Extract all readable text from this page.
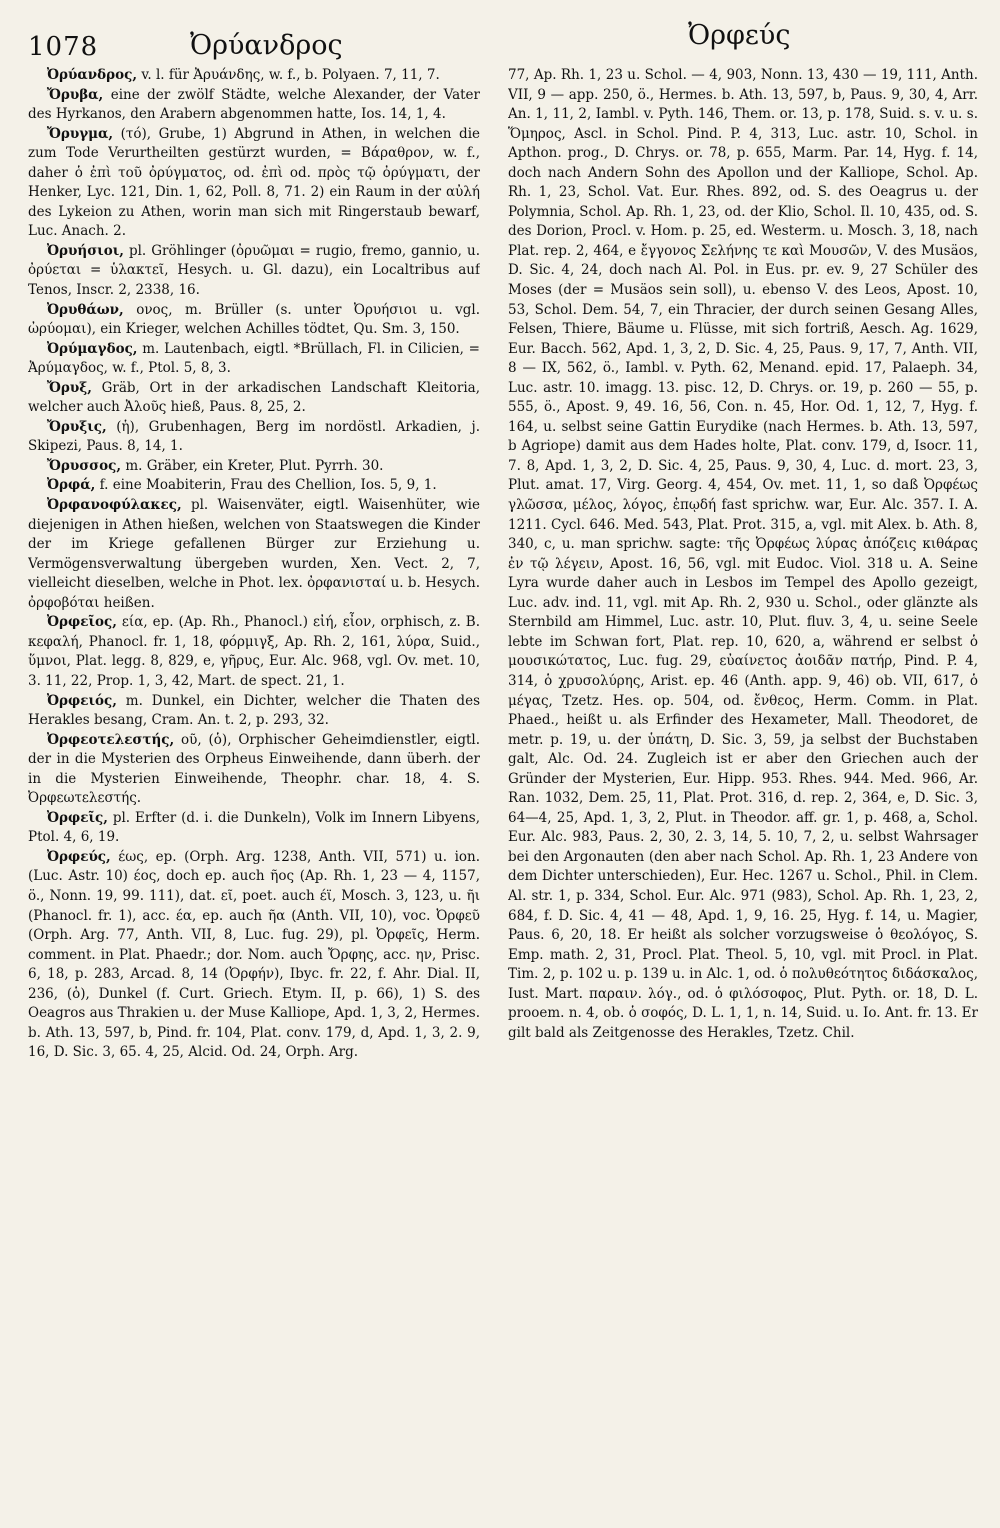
1078	Ὀρύανδρος	Ὀρφεύς

Ὀρύανδρος, v. l. für Ἀρυάνδης, w. f., b. Polyaen. 7, 11, 7.

Ὄρυβα, eine der zwölf Städte, welche Alexander, der Vater des Hyrkanos, den Arabern abgenommen hatte, Ios. 14, 1, 4.

Ὄρυγμα, (τό), Grube, 1) Abgrund in Athen, in welchen die zum Tode Verurtheilten gestürzt wurden, = Βάραθρον, w. f., daher ὁ ἐπὶ τοῦ ὀρύγματος, od. ἐπὶ od. πρὸς τῷ ὀρύγματι, der Henker, Lyc. 121, Din. 1, 62, Poll. 8, 71. 2) ein Raum in der αὐλή des Lykeion zu Athen, worin man sich mit Ringerstaub bewarf, Luc. Anach. 2.

Ὀρυήσιοι, pl. Gröhlinger (ὀρυῶμαι = rugio, fremo, gannio, u. ὀρύεται = ὑλακτεῖ, Hesych. u. Gl. dazu), ein Localtribus auf Tenos, Inscr. 2, 2338, 16.

Ὀρυθάων, ονος, m. Brüller (s. unter Ὀρυήσιοι u. vgl. ὠρύομαι), ein Krieger, welchen Achilles tödtet, Qu. Sm. 3, 150.

Ὀρύμαγδος, m. Lautenbach, eigtl. *Brüllach, Fl. in Cilicien, = Ἀρύμαγδος, w. f., Ptol. 5, 8, 3.

Ὄρυξ, Gräb, Ort in der arkadischen Landschaft Kleitoria, welcher auch Ἀλοῦς hieß, Paus. 8, 25, 2.

Ὄρυξις, (ἡ), Grubenhagen, Berg im nordöstl. Arkadien, j. Skipezi, Paus. 8, 14, 1.

Ὄρυσσος, m. Gräber, ein Kreter, Plut. Pyrrh. 30.

Ὀρφά, f. eine Moabiterin, Frau des Chellion, Ios. 5, 9, 1.

Ὀρφανοφύλακες, pl. Waisenväter, eigtl. Waisenhüter, wie diejenigen in Athen hießen, welchen von Staatswegen die Kinder der im Kriege gefallenen Bürger zur Erziehung u. Vermögensverwaltung übergeben wurden, Xen. Vect. 2, 7, vielleicht dieselben, welche in Phot. lex. ὀρφανισταί u. b. Hesych. ὀρφοβόται heißen.

Ὀρφεῖος, εία, ep. (Ap. Rh., Phanocl.) εἰή, εἶον, orphisch, z. B. κεφαλή, Phanocl. fr. 1, 18, φόρμιγξ, Ap. Rh. 2, 161, λύρα, Suid., ὕμνοι, Plat. legg. 8, 829, e, γῆρυς, Eur. Alc. 968, vgl. Ov. met. 10, 3. 11, 22, Prop. 1, 3, 42, Mart. de spect. 21, 1.

Ὀρφειός, m. Dunkel, ein Dichter, welcher die Thaten des Herakles besang, Cram. An. t. 2, p. 293, 32.

Ὀρφεοτελεστής, οῦ, (ὁ), Orphischer Geheimdienstler, eigtl. der in die Mysterien des Orpheus Einweihende, dann überh. der in die Mysterien Einweihende, Theophr. char. 18, 4. S. Ὀρφεωτελεστής.

Ὀρφεῖς, pl. Erfter (d. i. die Dunkeln), Volk im Innern Libyens, Ptol. 4, 6, 19.

Ὀρφεύς, έως, ep. (Orph. Arg. 1238, Anth. VII, 571) u. ion. (Luc. Astr. 10) έος, doch ep. auch ῆος (Ap. Rh. 1, 23 — 4, 1157, ö., Nonn. 19, 99. 111), dat. εῖ, poet. auch έϊ, Mosch. 3, 123, u. ῆι (Phanocl. fr. 1), acc. έα, ep. auch ῆα (Anth. VII, 10), voc. Ὀρφεῦ (Orph. Arg. 77, Anth. VII, 8, Luc. fug. 29), pl. Ὀρφεῖς, Herm. comment. in Plat. Phaedr.; dor. Nom. auch Ὄρφης, acc. ην, Prisc. 6, 18, p. 283, Arcad. 8, 14 (Ὀρφήν), Ibyc. fr. 22, f. Ahr. Dial. II, 236, (ὁ), Dunkel (f. Curt. Griech. Etym. II, p. 66), 1) S. des Oeagros aus Thrakien u. der Muse Kalliope, Apd. 1, 3, 2, Hermes. b. Ath. 13, 597, b, Pind. fr. 104, Plat. conv. 179, d, Apd. 1, 3, 2. 9, 16, D. Sic. 3, 65. 4, 25, Alcid. Od. 24, Orph. Arg.

77, Ap. Rh. 1, 23 u. Schol. — 4, 903, Nonn. 13, 430 — 19, 111, Anth. VII, 9 — app. 250, ö., Hermes. b. Ath. 13, 597, b, Paus. 9, 30, 4, Arr. An. 1, 11, 2, Iambl. v. Pyth. 146, Them. or. 13, p. 178, Suid. s. v. u. s. Ὅμηρος, Ascl. in Schol. Pind. P. 4, 313, Luc. astr. 10, Schol. in Apthon. prog., D. Chrys. or. 78, p. 655, Marm. Par. 14, Hyg. f. 14, doch nach Andern Sohn des Apollon und der Kalliope, Schol. Ap. Rh. 1, 23, Schol. Vat. Eur. Rhes. 892, od. S. des Oeagrus u. der Polymnia, Schol. Ap. Rh. 1, 23, od. der Klio, Schol. Il. 10, 435, od. S. des Dorion, Procl. v. Hom. p. 25, ed. Westerm. u. Mosch. 3, 18, nach Plat. rep. 2, 464, e ἔγγονος Σελήνης τε καὶ Μουσῶν, V. des Musäos, D. Sic. 4, 24, doch nach Al. Pol. in Eus. pr. ev. 9, 27 Schüler des Moses (der = Musäos sein soll), u. ebenso V. des Leos, Apost. 10, 53, Schol. Dem. 54, 7, ein Thracier, der durch seinen Gesang Alles, Felsen, Thiere, Bäume u. Flüsse, mit sich fortriß, Aesch. Ag. 1629, Eur. Bacch. 562, Apd. 1, 3, 2, D. Sic. 4, 25, Paus. 9, 17, 7, Anth. VII, 8 — IX, 562, ö., Iambl. v. Pyth. 62, Menand. epid. 17, Palaeph. 34, Luc. astr. 10. imagg. 13. pisc. 12, D. Chrys. or. 19, p. 260 — 55, p. 555, ö., Apost. 9, 49. 16, 56, Con. n. 45, Hor. Od. 1, 12, 7, Hyg. f. 164, u. selbst seine Gattin Eurydike (nach Hermes. b. Ath. 13, 597, b Agriope) damit aus dem Hades holte, Plat. conv. 179, d, Isocr. 11, 7. 8, Apd. 1, 3, 2, D. Sic. 4, 25, Paus. 9, 30, 4, Luc. d. mort. 23, 3, Plut. amat. 17, Virg. Georg. 4, 454, Ov. met. 11, 1, so daß Ὀρφέως γλῶσσα, μέλος, λόγος, ἐπῳδή fast sprichw. war, Eur. Alc. 357. I. A. 1211. Cycl. 646. Med. 543, Plat. Prot. 315, a, vgl. mit Alex. b. Ath. 8, 340, c, u. man sprichw. sagte: τῆς Ὀρφέως λύρας ἀπόζεις κιθάρας ἐν τῷ λέγειν, Apost. 16, 56, vgl. mit Eudoc. Viol. 318 u. A. Seine Lyra wurde daher auch in Lesbos im Tempel des Apollo gezeigt, Luc. adv. ind. 11, vgl. mit Ap. Rh. 2, 930 u. Schol., oder glänzte als Sternbild am Himmel, Luc. astr. 10, Plut. fluv. 3, 4, u. seine Seele lebte im Schwan fort, Plat. rep. 10, 620, a, während er selbst ὁ μουσικώτατος, Luc. fug. 29, εὐαίνετος ἀοιδᾶν πατήρ, Pind. P. 4, 314, ὁ χρυσολύρης, Arist. ep. 46 (Anth. app. 9, 46) ob. VII, 617, ὁ μέγας, Tzetz. Hes. op. 504, od. ἔνθεος, Herm. Comm. in Plat. Phaed., heißt u. als Erfinder des Hexameter, Mall. Theodoret, de metr. p. 19, u. der ὑπάτη, D. Sic. 3, 59, ja selbst der Buchstaben galt, Alc. Od. 24. Zugleich ist er aber den Griechen auch der Gründer der Mysterien, Eur. Hipp. 953. Rhes. 944. Med. 966, Ar. Ran. 1032, Dem. 25, 11, Plat. Prot. 316, d. rep. 2, 364, e, D. Sic. 3, 64—4, 25, Apd. 1, 3, 2, Plut. in Theodor. aff. gr. 1, p. 468, a, Schol. Eur. Alc. 983, Paus. 2, 30, 2. 3, 14, 5. 10, 7, 2, u. selbst Wahrsager bei den Argonauten (den aber nach Schol. Ap. Rh. 1, 23 Andere von dem Dichter unterschieden), Eur. Hec. 1267 u. Schol., Phil. in Clem. Al. str. 1, p. 334, Schol. Eur. Alc. 971 (983), Schol. Ap. Rh. 1, 23, 2, 684, f. D. Sic. 4, 41 — 48, Apd. 1, 9, 16. 25, Hyg. f. 14, u. Magier, Paus. 6, 20, 18. Er heißt als solcher vorzugsweise ὁ θεολόγος, S. Emp. math. 2, 31, Procl. Plat. Theol. 5, 10, vgl. mit Procl. in Plat. Tim. 2, p. 102 u. p. 139 u. in Alc. 1, od. ὁ πολυθεότητος διδάσκαλος, Iust. Mart. παραιν. λόγ., od. ὁ φιλόσοφος, Plut. Pyth. or. 18, D. L. prooem. n. 4, ob. ὁ σοφός, D. L. 1, 1, n. 14, Suid. u. Io. Ant. fr. 13. Er gilt bald als Zeitgenosse des Herakles, Tzetz. Chil.
